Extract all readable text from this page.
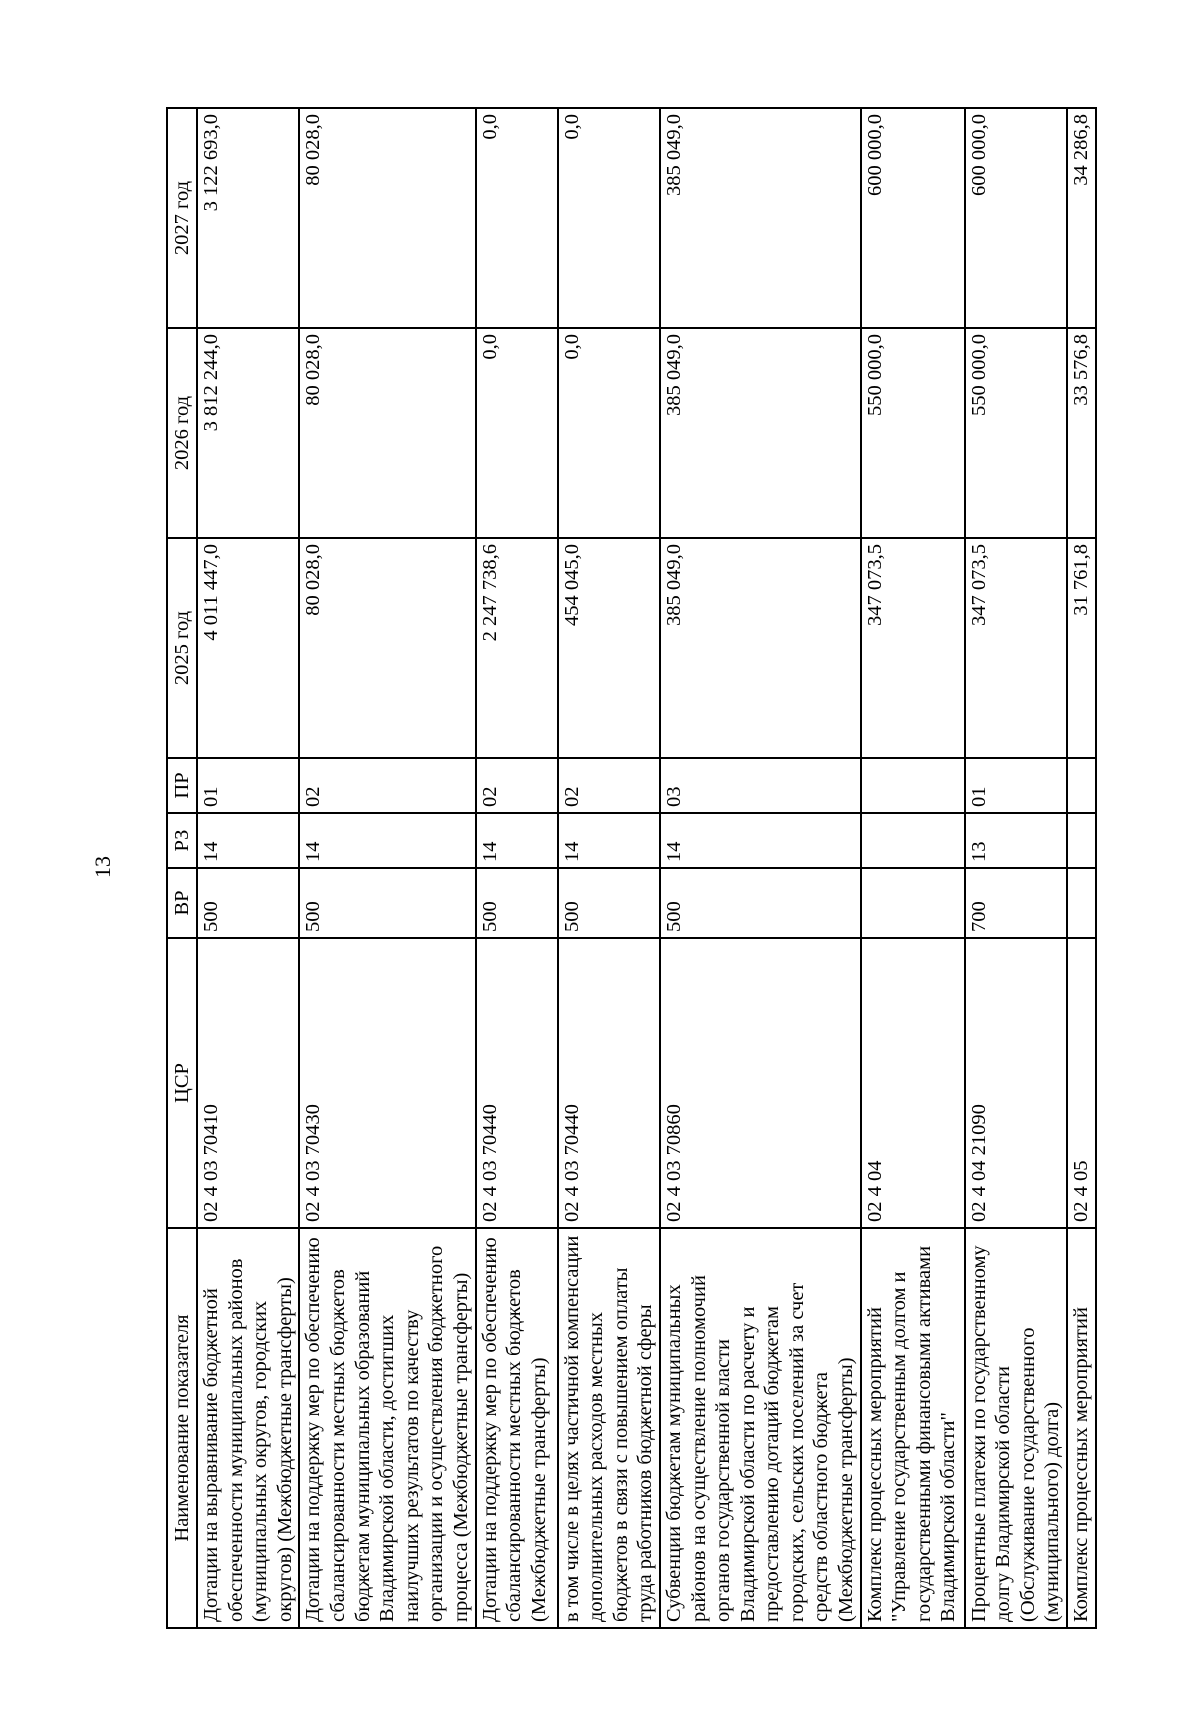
13
Наименование показателя	ЦСР	ВР	РЗ	ПР	2025 год	2026 год	2027 год
Дотации на выравнивание бюджетной обеспеченности муниципальных районов (муниципальных округов, городских округов) (Межбюджетные трансферты)	02 4 03 70410	500	14	01	4 011 447,0	3 812 244,0	3 122 693,0
Дотации на поддержку мер по обеспечению сбалансированности местных бюджетов бюджетам муниципальных образований Владимирской области, достигших наилучших результатов по качеству организации и осуществления бюджетного процесса (Межбюджетные трансферты)	02 4 03 70430	500	14	02	80 028,0	80 028,0	80 028,0
Дотации на поддержку мер по обеспечению сбалансированности местных бюджетов (Межбюджетные трансферты)	02 4 03 70440	500	14	02	2 247 738,6	0,0	0,0
в том числе в целях частичной компенсации дополнительных расходов местных бюджетов в связи с повышением оплаты труда работников бюджетной сферы	02 4 03 70440	500	14	02	454 045,0	0,0	0,0
Субвенции бюджетам муниципальных районов на осуществление полномочий органов государственной власти Владимирской области по расчету и предоставлению дотаций бюджетам городских, сельских поселений за счет средств областного бюджета (Межбюджетные трансферты)	02 4 03 70860	500	14	03	385 049,0	385 049,0	385 049,0
Комплекс процессных мероприятий "Управление государственным долгом и государственными финансовыми активами Владимирской области"	02 4 04				347 073,5	550 000,0	600 000,0
Процентные платежи по государственному долгу Владимирской области (Обслуживание государственного (муниципального) долга)	02 4 04 21090	700	13	01	347 073,5	550 000,0	600 000,0
Комплекс процессных мероприятий	02 4 05				31 761,8	33 576,8	34 286,8
